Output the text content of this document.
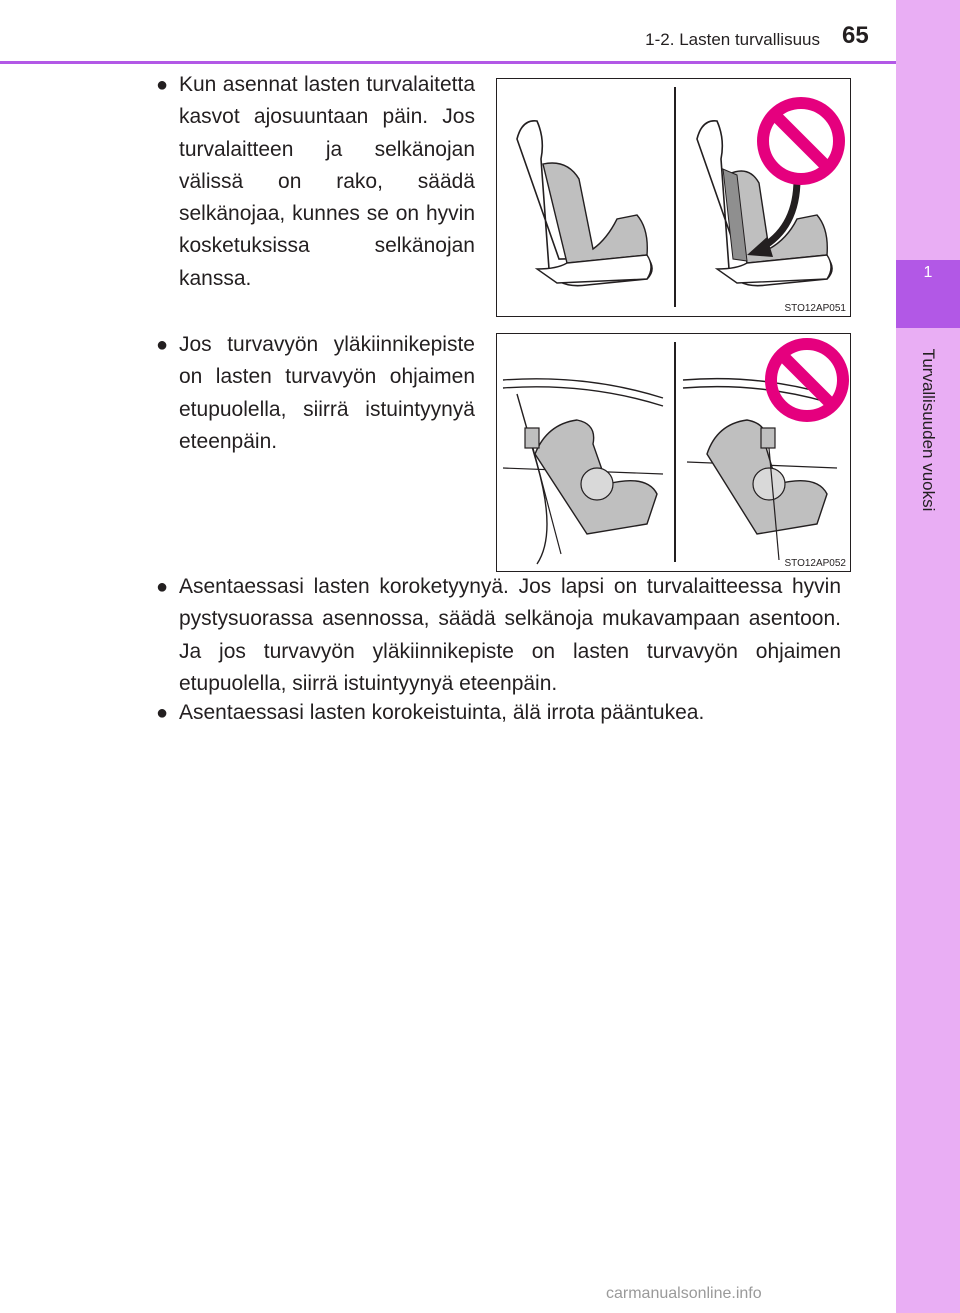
1
Turvallisuuden vuoksi
1-2. Lasten turvallisuus 65
● Kun asennat lasten turvalaitetta kasvot ajosuuntaan päin. Jos turvalaitteen ja selkänojan välissä on rako, säädä selkänojaa, kunnes se on hyvin kosketuksissa selkänojan kanssa.
STO12AP051
● Jos turvavyön yläkiinnikepiste on lasten turvavyön ohjaimen etupuolella, siirrä istuintyynyä eteenpäin.
STO12AP052
● Asentaessasi lasten koroketyynyä. Jos lapsi on turvalaitteessa hyvin pystysuorassa asennossa, säädä selkänoja mukavampaan asentoon. Ja jos turvavyön yläkiinnikepiste on lasten turvavyön ohjaimen etupuolella, siirrä istuintyynyä eteenpäin.
● Asentaessasi lasten korokeistuinta, älä irrota pääntukea.
carmanualsonline.info
